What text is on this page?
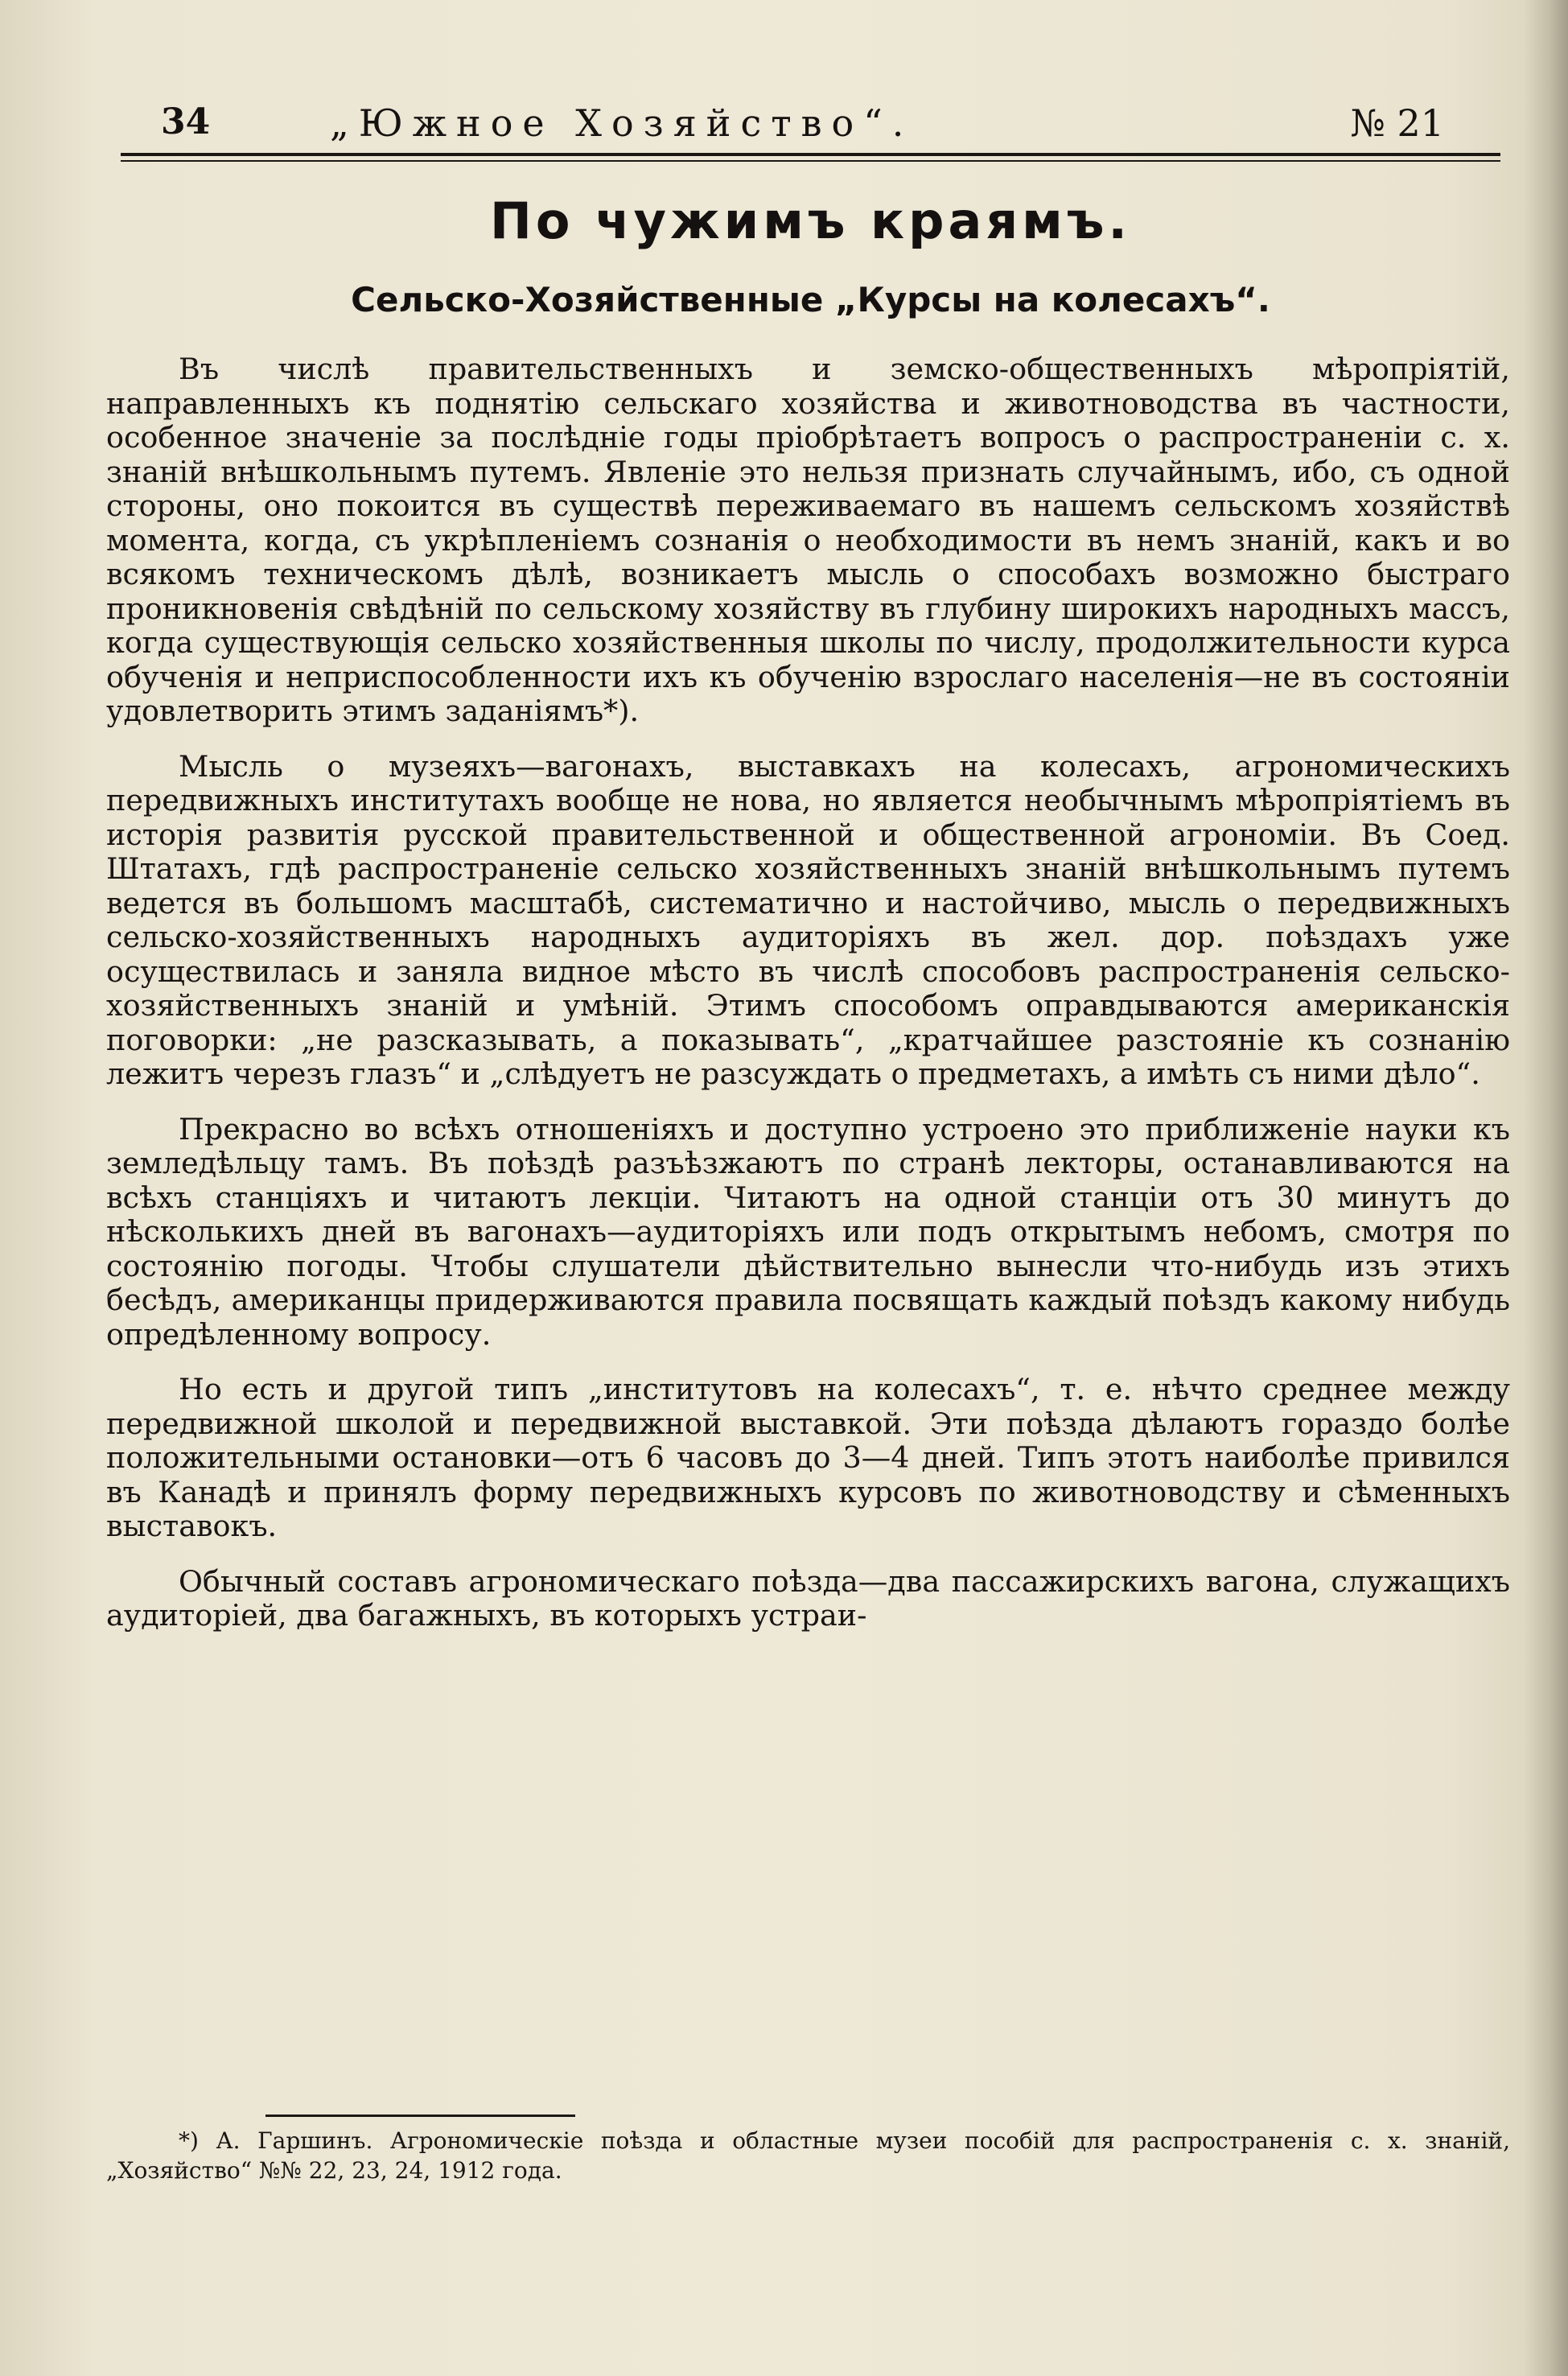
34	„Южное Хозяйство“.	№ 21
По чужимъ краямъ.
Сельско-Хозяйственные „Курсы на колесахъ“.

Въ числѣ правительственныхъ и земско-общественныхъ мѣропріятій, направленныхъ къ поднятію сельскаго хозяйства и животноводства въ частности, особенное значеніе за послѣдніе годы пріобрѣтаетъ вопросъ о распространеніи с. х. знаній внѣшкольнымъ путемъ. Явленіе это нельзя признать случайнымъ, ибо, съ одной стороны, оно покоится въ существѣ переживаемаго въ нашемъ сельскомъ хозяйствѣ момента, когда, съ укрѣпленіемъ сознанія о необходимости въ немъ знаній, какъ и во всякомъ техническомъ дѣлѣ, возникаетъ мысль о способахъ возможно быстраго проникновенія свѣдѣній по сельскому хозяйству въ глубину широкихъ народныхъ массъ, когда существующія сельско хозяйственныя школы по числу, продолжительности курса обученія и неприспособленности ихъ къ обученію взрослаго населенія—не въ состояніи удовлетворить этимъ заданіямъ*).

Мысль о музеяхъ—вагонахъ, выставкахъ на колесахъ, агрономическихъ передвижныхъ институтахъ вообще не нова, но является необычнымъ мѣропріятіемъ въ исторія развитія русской правительственной и общественной агрономіи. Въ Соед. Штатахъ, гдѣ распространеніе сельско хозяйственныхъ знаній внѣшкольнымъ путемъ ведется въ большомъ масштабѣ, систематично и настойчиво, мысль о передвижныхъ сельско-хозяйственныхъ народныхъ аудиторіяхъ въ жел. дор. поѣздахъ уже осуществилась и заняла видное мѣсто въ числѣ способовъ распространенія сельско-хозяйственныхъ знаній и умѣній. Этимъ способомъ оправдываются американскія поговорки: „не разсказывать, а показывать“, „кратчайшее разстояніе къ сознанію лежитъ черезъ глазъ“ и „слѣдуетъ не разсуждать о предметахъ, а имѣть съ ними дѣло“.

Прекрасно во всѣхъ отношеніяхъ и доступно устроено это приближеніе науки къ земледѣльцу тамъ. Въ поѣздѣ разъѣзжаютъ по странѣ лекторы, останавливаются на всѣхъ станціяхъ и читаютъ лекціи. Читаютъ на одной станціи отъ 30 минутъ до нѣсколькихъ дней въ вагонахъ—аудиторіяхъ или подъ открытымъ небомъ, смотря по состоянію погоды. Чтобы слушатели дѣйствительно вынесли что-нибудь изъ этихъ бесѣдъ, американцы придерживаются правила посвящать каждый поѣздъ какому нибудь опредѣленному вопросу.

Но есть и другой типъ „институтовъ на колесахъ“, т. е. нѣчто среднее между передвижной школой и передвижной выставкой. Эти поѣзда дѣлаютъ гораздо болѣе положительными остановки—отъ 6 часовъ до 3—4 дней. Типъ этотъ наиболѣе привился въ Канадѣ и принялъ форму передвижныхъ курсовъ по животноводству и сѣменныхъ выставокъ.

Обычный составъ агрономическаго поѣзда—два пассажирскихъ вагона, служащихъ аудиторіей, два багажныхъ, въ которыхъ устраи-

*) А. Гаршинъ. Агрономическіе поѣзда и областные музеи пособій для распространенія с. х. знаній, „Хозяйство“ №№ 22, 23, 24, 1912 года.
